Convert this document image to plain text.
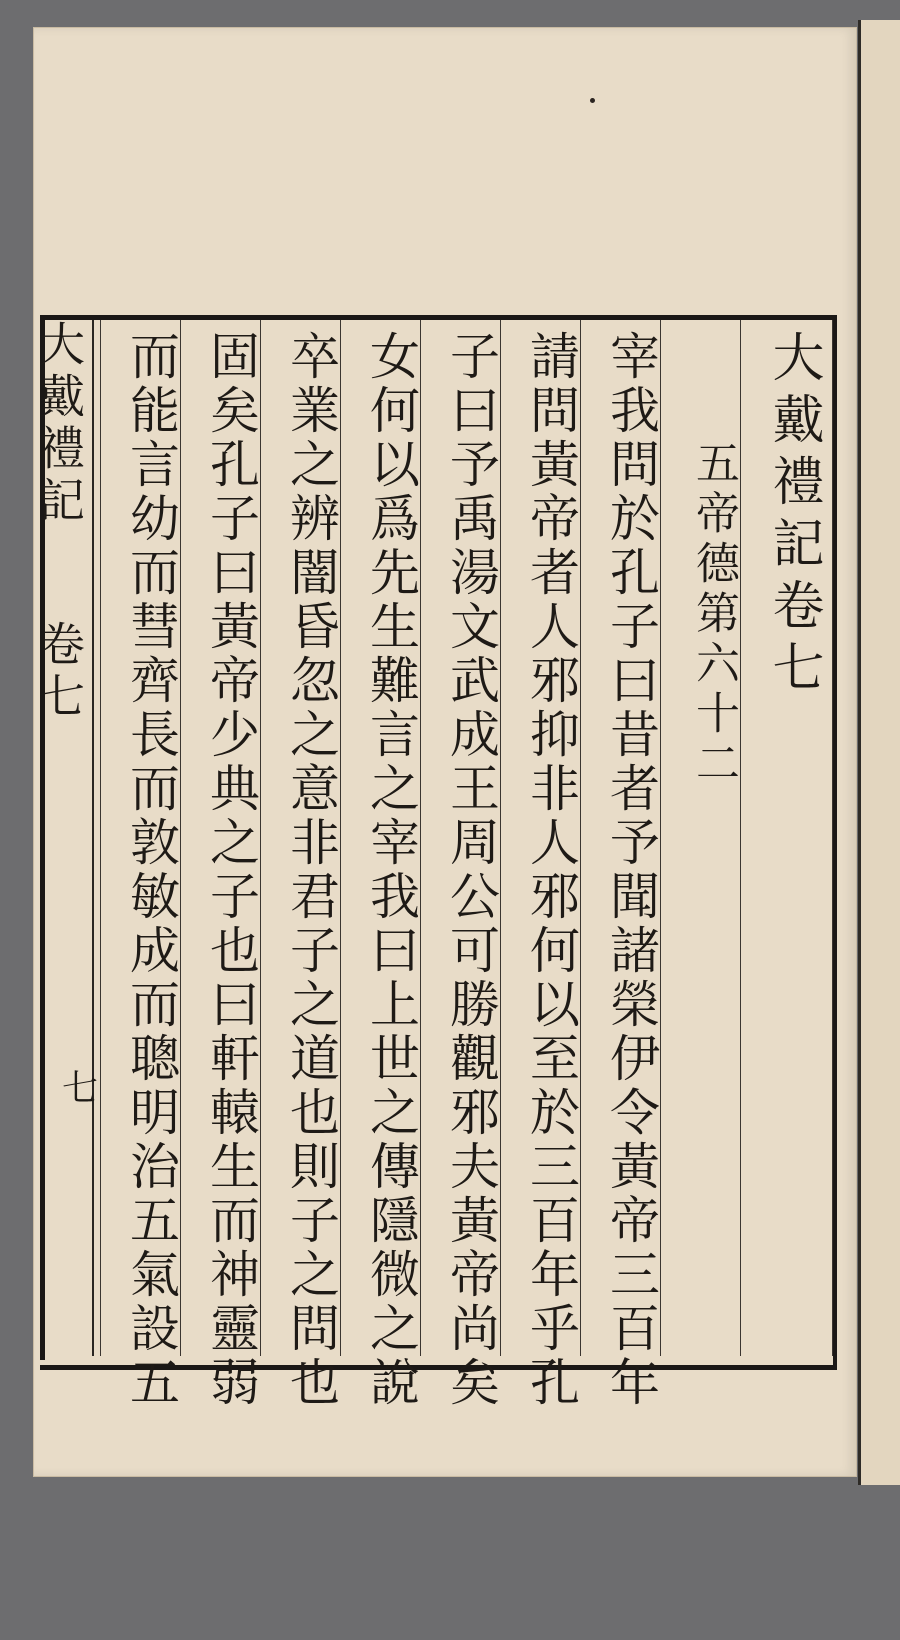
大戴禮記卷七
五帝德第六十二
宰我問於孔子曰昔者予聞諸榮伊令黃帝三百年
請問黃帝者人邪抑非人邪何以至於三百年乎孔
子曰予禹湯文武成王周公可勝觀邪夫黃帝尚矣
女何以爲先生難言之宰我曰上世之傳隱微之說
卒業之辨闇昏忽之意非君子之道也則子之問也
固矣孔子曰黃帝少典之子也曰軒轅生而神靈弱
而能言幼而彗齊長而敦敏成而聰明治五氣設五
大戴禮記
卷七
七
